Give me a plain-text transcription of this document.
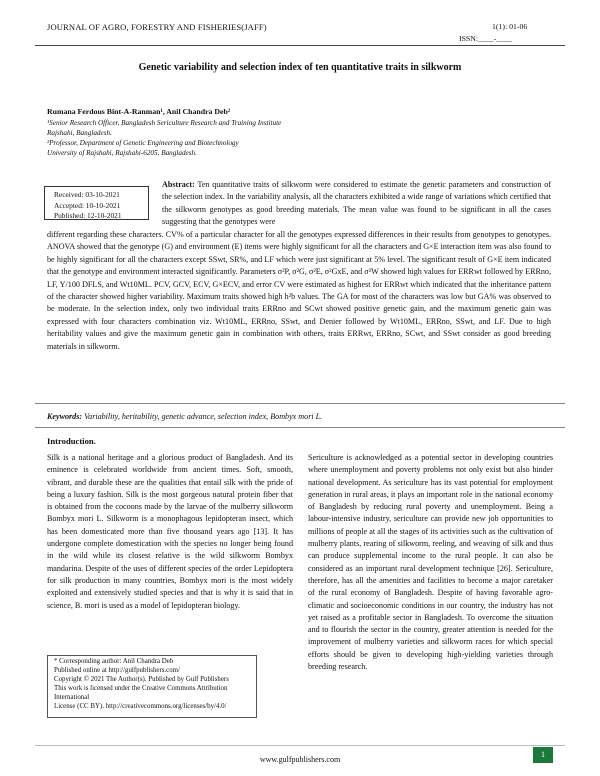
JOURNAL OF AGRO, FORESTRY AND FISHERIES(JAFF)	1(1): 01-06
ISSN:____-____
Genetic variability and selection index of ten quantitative traits in silkworm
Rumana Ferdous Bint-A-Ranman¹, Anil Chandra Deb²
¹Senior Research Officer, Bangladesh Sericulture Research and Training Institute
Rajshahi, Bangladesh.
²Professor, Department of Genetic Engineering and Biotechnology
University of Rajshahi, Rajshahi-6205, Bangladesh.
Received: 03-10-2021
Accepted: 10-10-2021
Published: 12-10-2021
Abstract: Ten quantitative traits of silkworm were considered to estimate the genetic parameters and construction of the selection index. In the variability analysis, all the characters exhibited a wide range of variations which certified that the silkworm genotypes as good breeding materials. The mean value was found to be significant in all the cases suggesting that the genotypes were
different regarding these characters. CV% of a particular character for all the genotypes expressed differences in their results from genotypes to genotypes. ANOVA showed that the genotype (G) and environment (E) items were highly significant for all the characters and G×E interaction item was also found to be highly significant for all the characters except SSwt, SR%, and LF which were just significant at 5% level. The significant result of G×E item indicated that the genotype and environment interacted significantly. Parameters σ²P, σ²G, σ²E, σ²GxE, and σ²W showed high values for ERRwt followed by ERRno, LF, Y/100 DFLS, and Wt10ML. PCV, GCV, ECV, G×ECV, and error CV were estimated as highest for ERRwt which indicated that the inheritance pattern of the character showed higher variability. Maximum traits showed high h²b values. The GA for most of the characters was low but GA% was observed to be moderate. In the selection index, only two individual traits ERRno and SCwt showed positive genetic gain, and the maximum genetic gain was expressed with four characters combination viz. Wt10ML, ERRno, SSwt, and Denier followed by Wt10ML, ERRno, SSwt, and LF. Due to high heritability values and give the maximum genetic gain in combination with others, traits ERRwt, ERRno, SCwt, and SSwt consider as good breeding materials in silkworm.
Keywords: Variability, heritability, genetic advance, selection index, Bombyx mori L.
Introduction.
Silk is a national heritage and a glorious product of Bangladesh. And its eminence is celebrated worldwide from ancient times. Soft, smooth, vibrant, and durable these are the qualities that entail silk with the pride of being a luxury fashion. Silk is the most gorgeous natural protein fiber that is obtained from the cocoons made by the larvae of the mulberry silkworm Bombyx mori L. Silkworm is a monophagous lepidopteran insect, which has been domesticated more than five thousand years ago [13]. It has undergone complete domestication with the species no longer being found in the wild while its closest relative is the wild silkworm Bombyx mandarina. Despite of the uses of different species of the order Lepidoptera for silk production in many countries, Bombyx mori is the most widely exploited and extensively studied species and that is why it is said that in science, B. mori is used as a model of lepidopteran biology.
Sericulture is acknowledged as a potential sector in developing countries where unemployment and poverty problems not only exist but also hinder national development. As sericulture has its vast potential for employment generation in rural areas, it plays an important role in the national economy of Bangladesh by reducing rural poverty and unemployment. Being a labour-intensive industry, sericulture can provide new job opportunities to millions of people at all the stages of its activities such as the cultivation of mulberry plants, rearing of silkworm, reeling, and weaving of silk and thus can produce supplemental income to the rural people. It can also be considered as an important rural development technique [26]. Sericulture, therefore, has all the amenities and facilities to become a major caretaker of the rural economy of Bangladesh. Despite of having favorable agro-climatic and socioeconomic conditions in our country, the industry has not yet raised as a profitable sector in Bangladesh. To overcome the situation and to flourish the sector in the country, greater attention is needed for the improvement of mulberry varieties and silkworm races for which special efforts should be given to developing high-yielding varieties through breeding research.
* Corresponding author: Anil Chandra Deb
Published online at http://gulfpublishers.com/
Copyright © 2021 The Author(s). Published by Gulf Publishers
This work is licensed under the Creative Commons Attribution International
License (CC BY). http://creativecommons.org/licenses/by/4.0/
www.gulfpublishers.com
1
